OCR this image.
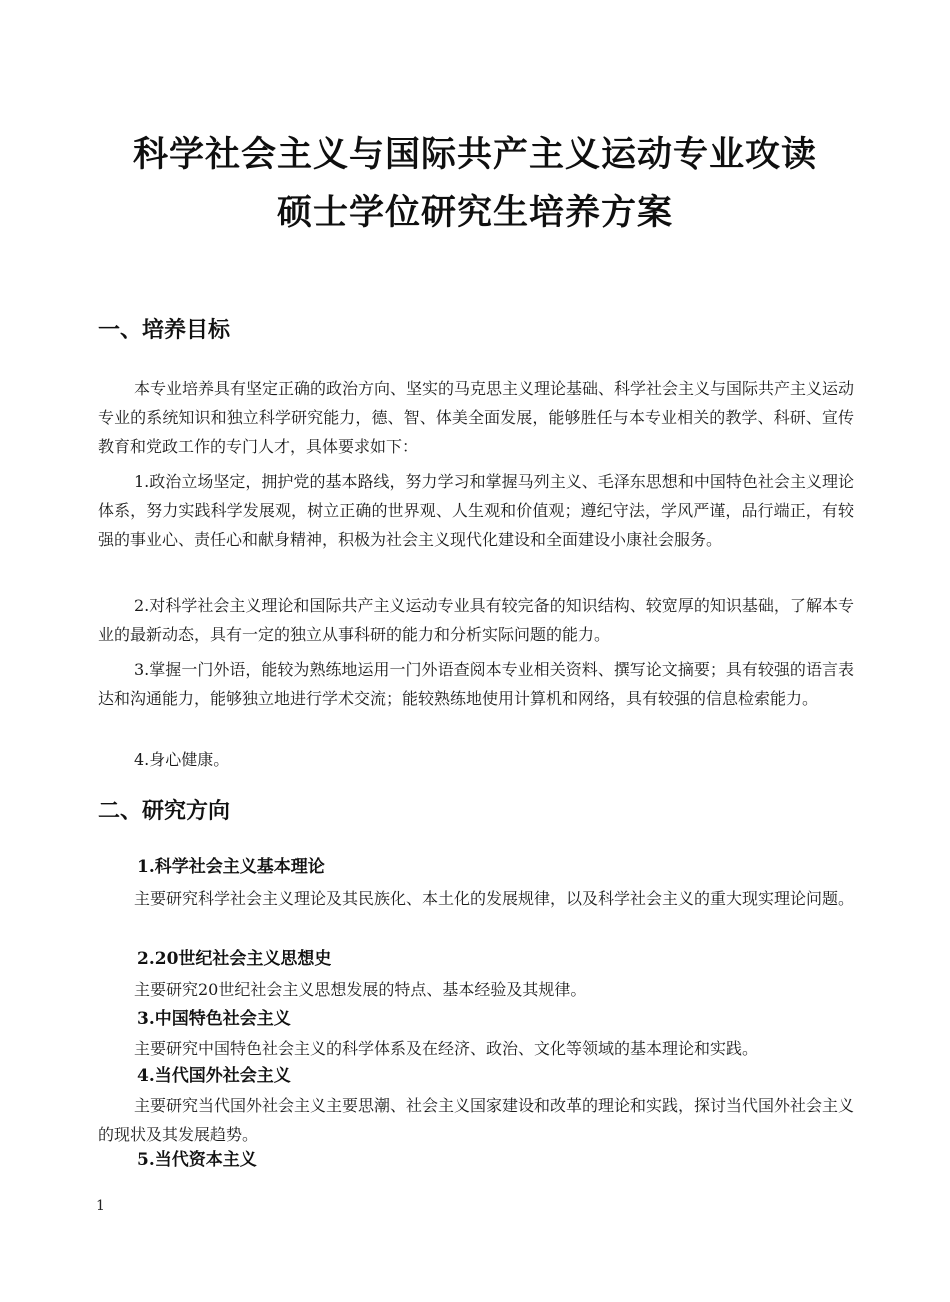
科学社会主义与国际共产主义运动专业攻读
硕士学位研究生培养方案
一、培养目标
本专业培养具有坚定正确的政治方向、坚实的马克思主义理论基础、科学社会主义与国际共产主义运动专业的系统知识和独立科学研究能力，德、智、体美全面发展，能够胜任与本专业相关的教学、科研、宣传教育和党政工作的专门人才，具体要求如下：
1.政治立场坚定，拥护党的基本路线，努力学习和掌握马列主义、毛泽东思想和中国特色社会主义理论体系，努力实践科学发展观，树立正确的世界观、人生观和价值观；遵纪守法，学风严谨，品行端正，有较强的事业心、责任心和献身精神，积极为社会主义现代化建设和全面建设小康社会服务。
2.对科学社会主义理论和国际共产主义运动专业具有较完备的知识结构、较宽厚的知识基础，了解本专业的最新动态，具有一定的独立从事科研的能力和分析实际问题的能力。
3.掌握一门外语，能较为熟练地运用一门外语查阅本专业相关资料、撰写论文摘要；具有较强的语言表达和沟通能力，能够独立地进行学术交流；能较熟练地使用计算机和网络，具有较强的信息检索能力。
4.身心健康。
二、研究方向
1.科学社会主义基本理论
主要研究科学社会主义理论及其民族化、本土化的发展规律，以及科学社会主义的重大现实理论问题。
2.20世纪社会主义思想史
主要研究20世纪社会主义思想发展的特点、基本经验及其规律。
3.中国特色社会主义
主要研究中国特色社会主义的科学体系及在经济、政治、文化等领域的基本理论和实践。
4.当代国外社会主义
主要研究当代国外社会主义主要思潮、社会主义国家建设和改革的理论和实践，探讨当代国外社会主义的现状及其发展趋势。
5.当代资本主义
1
